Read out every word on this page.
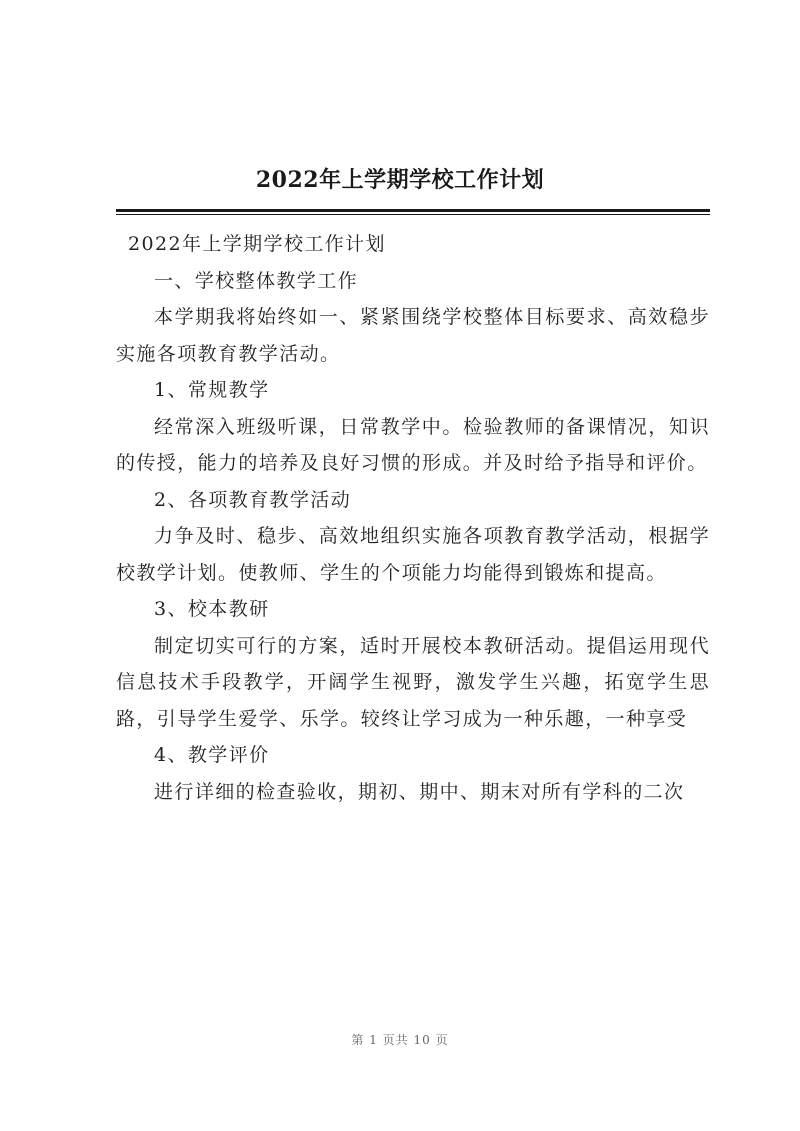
2022年上学期学校工作计划

2022年上学期学校工作计划

一、学校整体教学工作

本学期我将始终如一、紧紧围绕学校整体目标要求、高效稳步实施各项教育教学活动。

1、常规教学

经常深入班级听课，日常教学中。检验教师的备课情况，知识的传授，能力的培养及良好习惯的形成。并及时给予指导和评价。

2、各项教育教学活动

力争及时、稳步、高效地组织实施各项教育教学活动，根据学校教学计划。使教师、学生的个项能力均能得到锻炼和提高。

3、校本教研

制定切实可行的方案，适时开展校本教研活动。提倡运用现代信息技术手段教学，开阔学生视野，激发学生兴趣，拓宽学生思路，引导学生爱学、乐学。较终让学习成为一种乐趣，一种享受

4、教学评价

进行详细的检查验收，期初、期中、期末对所有学科的二次

第 1 页共 10 页
